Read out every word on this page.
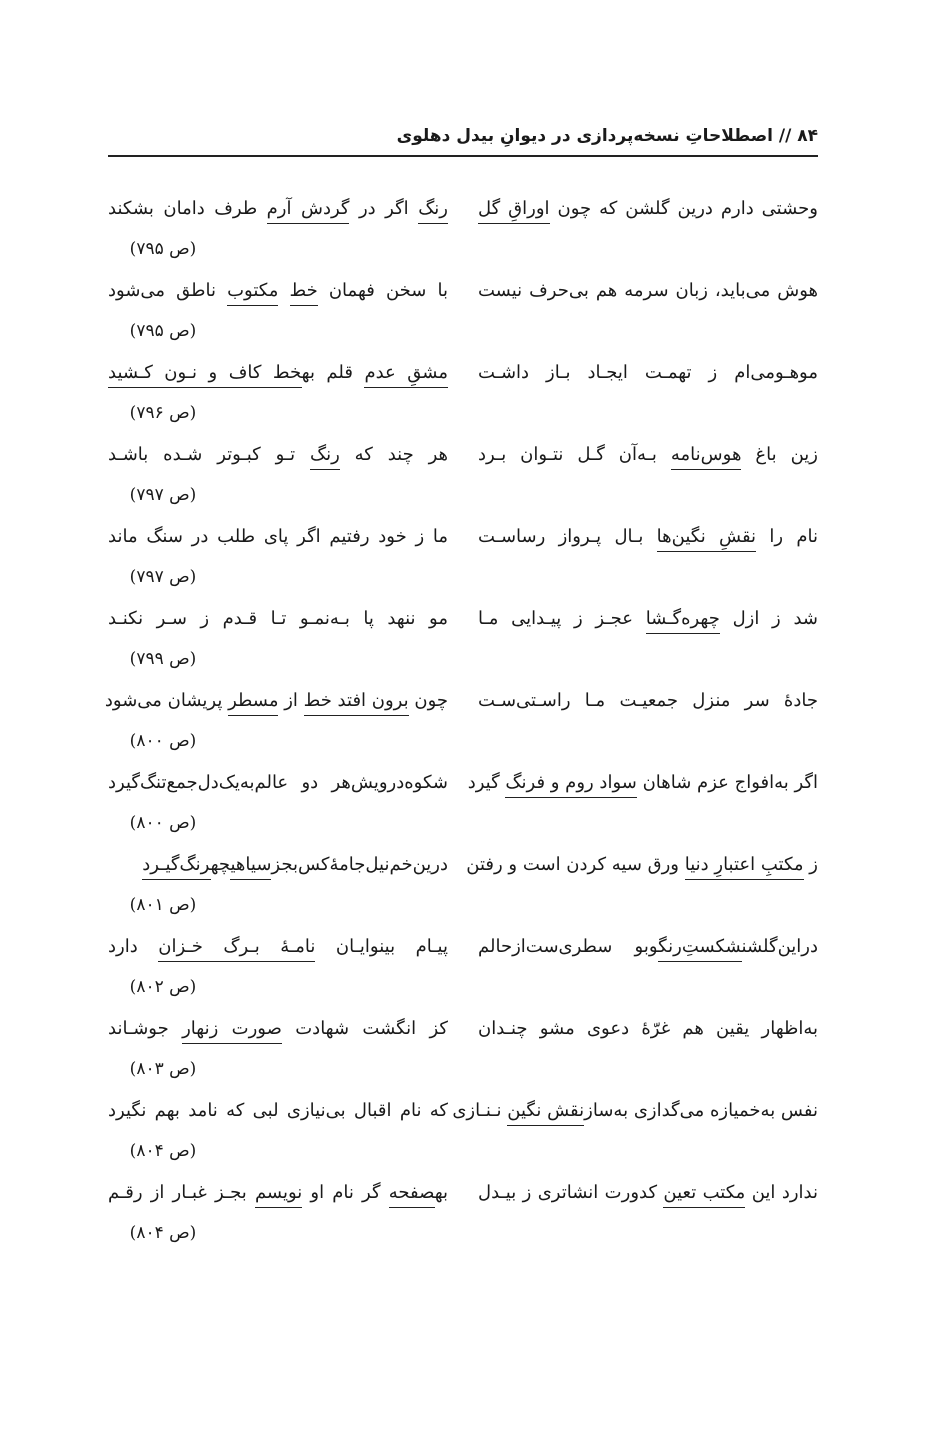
۸۴ // اصطلاحاتِ نسخه‌پردازی در دیوانِ بیدل دهلوی
وحشتی دارم درین گلشن که چون اوراقِ گل
رنگ اگر در گردش آرم طرف دامان بشکند
(ص ۷۹۵)
هوش می‌باید، زبان سرمه هم بی‌حرف نیست
با سخن فهمان خط مکتوب ناطق می‌شود
(ص ۷۹۵)
موهـومی‌ام ز تهمـت ایجـاد بـاز داشـت
مشقِ عدم قلم بهخط کاف و نـون کـشید
(ص ۷۹۶)
زین باغ هوس‌نامه بـه‌آن گـل نتـوان بـرد
هر چند که رنگ تـو کبـوتر شـده باشـد
(ص ۷۹۷)
نام را نقشِ نگین‌ها بـال پـرواز رساسـت
ما ز خود رفتیم اگر پای طلب در سنگ ماند
(ص ۷۹۷)
شد ز ازل چهره‌گـشا عجـز ز پیـدایی مـا
مو ننهد پا بـه‌نمـو تـا قـدم ز سـر نکنـد
(ص ۷۹۹)
جادهٔ سر منزل جمعیـت مـا راسـتی‌سـت
چون برون افتد خط از مسطر پریشان می‌شود
(ص ۸۰۰)
اگر به‌افواج عزم شاهان سواد روم و فرنگ گیرد
شکوه‌درویش‌هر دو عالم‌به‌یک‌دل‌جمع‌تنگ‌گیرد
(ص ۸۰۰)
ز مکتبِ اعتبارِ دنیا ورق سیه کردن است و رفتن
درین‌خم‌نیل‌جامهٔ‌کس‌بجزسیاهیچهرنگ‌گیـرد
(ص ۸۰۱)
دراین‌گلشنشکستِ‌رنگوبو سطری‌ست‌ازحالم
پیـام بینوایـان نامـهٔ بـرگ خـزان دارد
(ص ۸۰۲)
به‌اظهار یقین هم غرّهٔ دعوی مشو چنـدان
کز انگشت شهادت صورت زنهار جوشـاند
(ص ۸۰۳)
نفس به‌خمیازه می‌گدازی به‌سازنقش نگین نـنـازی
که نام اقبال بی‌نیازی لبی که نامد بهم نگیرد
(ص ۸۰۴)
ندارد این مکتب تعین کدورت انشاتری ز بیـدل
بهصفحه گر نام او نویسم بجـز غبـار از رقـم
(ص ۸۰۴)
